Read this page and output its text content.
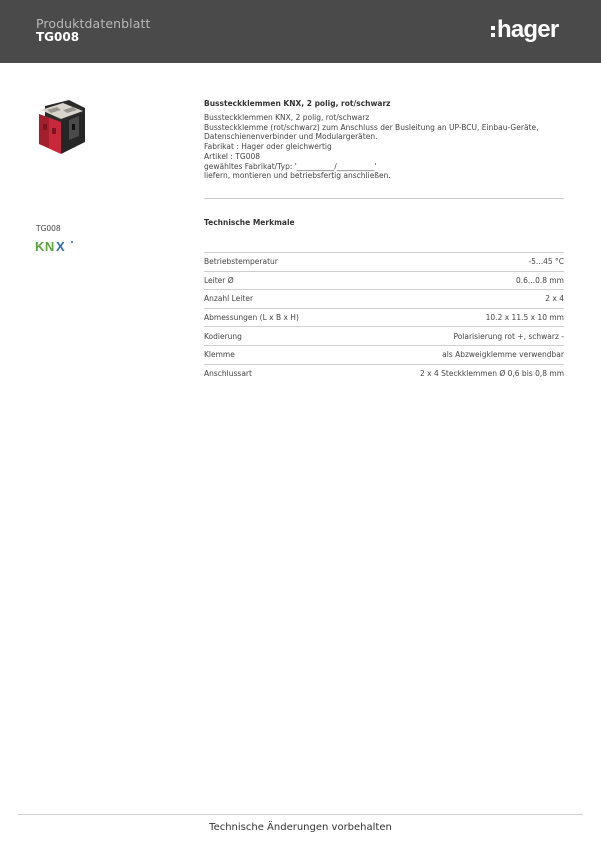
Produktdatenblatt
TG008	hager
TG008
KN X
Bussteckklemmen KNX, 2 polig, rot/schwarz
Bussteckklemmen KNX, 2 polig, rot/schwarz
Bussteckklemme (rot/schwarz) zum Anschluss der Busleitung an UP-BCU, Einbau-Geräte,
Datenschienenverbinder und Modulargeräten.
Fabrikat : Hager oder gleichwertig
Artikel : TG008
gewähltes Fabrikat/Typ: '__________/__________'
liefern, montieren und betriebsfertig anschließen.
Technische Merkmale
Betriebstemperatur	-5...45 °C
Leiter Ø	0.6...0.8 mm
Anzahl Leiter	2 x 4
Abmessungen (L x B x H)	10.2 x 11.5 x 10 mm
Kodierung	Polarisierung rot +, schwarz -
Klemme	als Abzweigklemme verwendbar
Anschlussart	2 x 4 Steckklemmen Ø 0,6 bis 0,8 mm
Technische Änderungen vorbehalten
